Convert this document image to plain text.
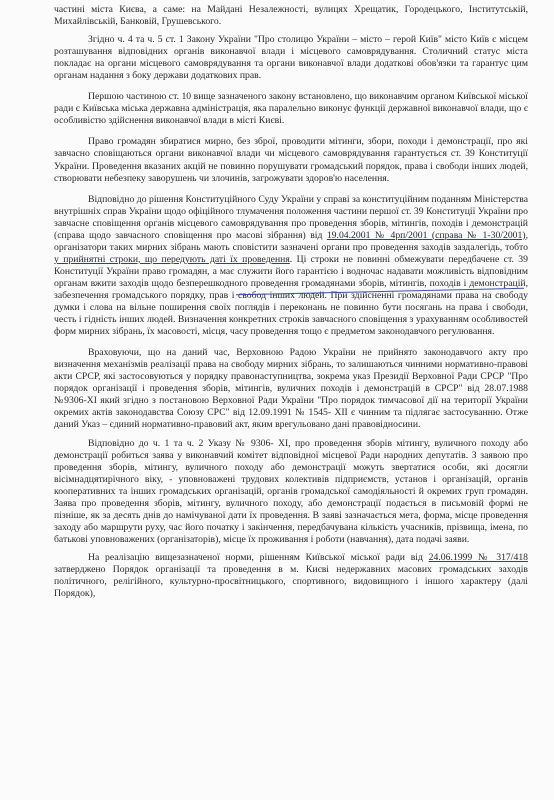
частині міста Києва, а саме: на Майдані Незалежності, вулицях Хрещатик, Городецького, Інститутській, Михайлівській, Банковій, Грушевського.

Згідно ч. 4 та ч. 5 ст. 1 Закону України "Про столицю України – місто – герой Київ" місто Київ є місцем розташування відповідних органів виконавчої влади і місцевого самоврядування. Столичний статус міста покладає на органи місцевого самоврядування та органи виконавчої влади додаткові обов'язки та гарантує цим органам надання з боку держави додаткових прав.

Першою частиною ст. 10 вище зазначеного закону встановлено, що виконавчим органом Київської міської ради є Київська міська державна адміністрація, яка паралельно виконує функції державної виконавчої влади, що є особливістю здійснення виконавчої влади в місті Києві.

Право громадян збиратися мирно, без зброї, проводити мітинги, збори, походи і демонстрації, про які завчасно сповіщаються органи виконавчої влади чи місцевого самоврядування гарантується ст. 39 Конституції України. Проведення вказаних акцій не повинно порушувати громадський порядок, права і свободи інших людей, створювати небезпеку заворушень чи злочинів, загрожувати здоров'ю населення.

Відповідно до рішення Конституційного Суду України у справі за конституційним поданням Міністерства внутрішніх справ України щодо офіційного тлумачення положення частини першої ст. 39 Конституції України про завчасне сповіщення органів місцевого самоврядування про проведення зборів, мітингів, походів і демонстрацій (справа щодо завчасного сповіщення про масові зібрання) від 19.04.2001 № 4рп/2001 (справа № 1-30/2001), організатори таких мирних зібрань мають сповістити зазначені органи про проведення заходів заздалегідь, тобто у прийнятні строки, що передують даті їх проведення. Ці строки не повинні обмежувати передбачене ст. 39 Конституції України право громадян, а має служити його гарантією і водночас надавати можливість відповідним органам вжити заходів щодо безперешкодного проведення громадянами зборів, мітингів, походів і демонстрацій, забезпечення громадського порядку, прав і свобод інших людей. При здійсненні громадянами права на свободу думки і слова на вільне поширення своїх поглядів і переконань не повинно бути посягань на права і свободи, честь і гідність інших людей. Визначення конкретних строків завчасного сповіщення з урахуванням особливостей форм мирних зібрань, їх масовості, місця, часу проведення тощо є предметом законодавчого регулювання.

Враховуючи, що на даний час, Верховною Радою України не прийнято законодавчого акту про визначення механізмів реалізації права на свободу мирних зібрань, то залишаються чинними нормативно-правові акти СРСР, які застосовуються у порядку правонаступництва, зокрема указ Президії Верховної Ради СРСР "Про порядок організації і проведення зборів, мітингів, вуличних походів і демонстрацій в СРСР" від 28.07.1988 №9306-ХІ який згідно з постановою Верховної Ради України "Про порядок тимчасової дії на території України окремих актів законодавства Союзу СРС" від 12.09.1991 № 1545- ХІІ є чинним та підлягає застосуванню. Отже даний Указ – єдиний нормативно-правовий акт, яким врегульовано дані правовідносини.

Відповідно до ч. 1 та ч. 2 Указу № 9306- ХІ, про проведення зборів мітингу, вуличного походу або демонстрації робиться заява у виконавчий комітет відповідної місцевої Ради народних депутатів. З заявою про проведення зборів, мітингу, вуличного походу або демонстрації можуть звертатися особи, які досягли вісімнадцятирічного віку, - уповноважені трудових колективів підприємств, установ і організацій, органів кооперативних та інших громадських організацій, органів громадської самодіяльності й окремих груп громадян. Заява про проведення зборів, мітингу, вуличного походу, або демонстрації подається в письмовій формі не пізніше, як за десять днів до намічуваної дати їх проведення. В заяві зазначається мета, форма, місце проведення заходу або маршрути руху, час його початку і закінчення, передбачувана кількість учасників, прізвища, імена, по батькові уповноважених (організаторів), місце їх проживання і роботи (навчання), дата подачі заяви.

На реалізацію вищезазначеної норми, рішенням Київської міської ради від 24.06.1999 № 317/418 затверджено Порядок організації та проведення в м. Києві недержавних масових громадських заходів політичного, релігійного, культурно-просвітницького, спортивного, видовищного і іншого характеру (далі Порядок),
